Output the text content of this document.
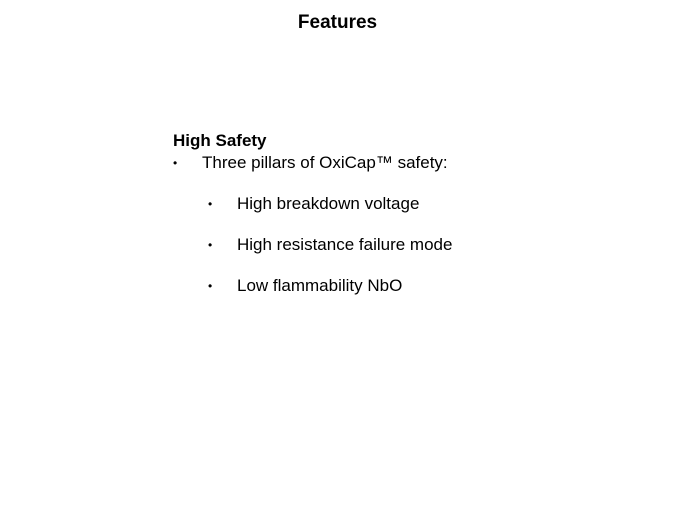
Features
High Safety
• Three pillars of OxiCap™ safety:
• High breakdown voltage
• High resistance failure mode
• Low flammability NbO
